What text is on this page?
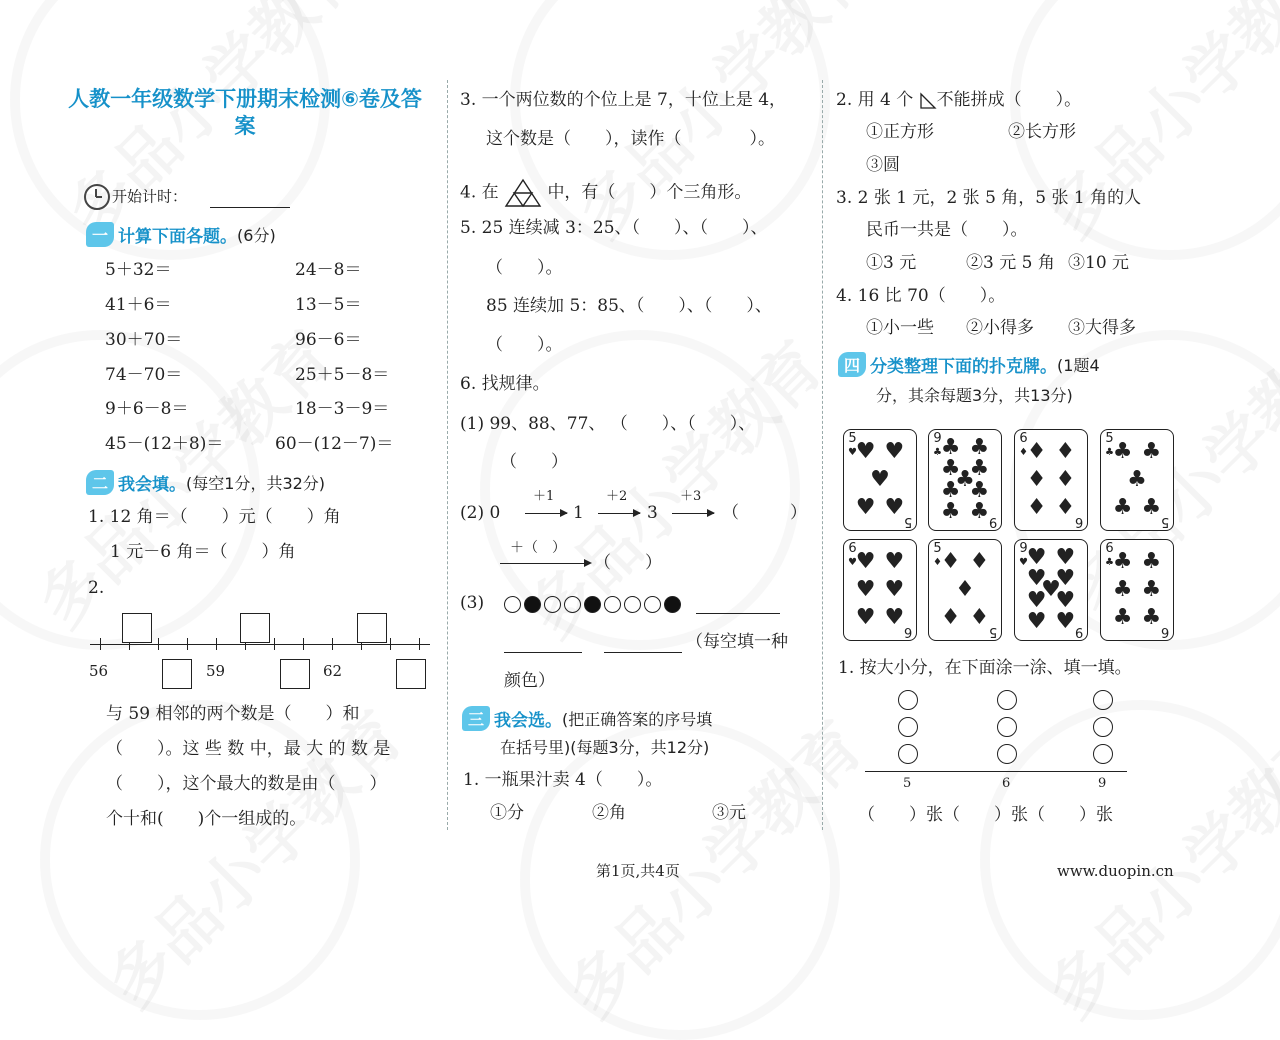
人教一年级数学下册期末检测⑥卷及答案
开始计时：
一 计算下面各题。 (6分)
5＋32＝	24－8＝
41＋6＝	13－5＝
30＋70＝	96－6＝
74－70＝	25＋5－8＝
9＋6－8＝	18－3－9＝
45－(12＋8)＝	60－(12－7)＝
二 我会填。 (每空1分，共32分)
1. 12 角＝（　　）元（　　）角
1 元－6 角＝（　　）角
2.
56	59	62
与 59 相邻的两个数是（　　）和
（　　）。这 些 数 中，最 大 的 数 是
（　　），这个最大的数是由（　　）
个十和(　　)个一组成的。
3. 一个两位数的个位上是 7，十位上是 4，
这个数是（　　），读作（　　　　）。
4. 在	中，有（　　）个三角形。
5. 25 连续减 3：25、（　　）、（　　）、
（　　）。
85 连续加 5：85、（　　）、（　　）、
（　　）。
6. 找规律。
(1) 99、88、77、 （　　）、（　　）、
（　　）
(2) 0
＋1
1
＋2
3
＋3
（　　　）
＋（　）
（　　）
(3)
（每空填一种
颜色）
三 我会选。 (把正确答案的序号填
在括号里)(每题3分，共12分)
1. 一瓶果汁卖 4（　　）。
①分	②角	③元
2. 用 4 个 不能拼成（　　）。
①正方形	②长方形
③圆
3. 2 张 1 元，2 张 5 角，5 张 1 角的人
民币一共是（　　）。
①3 元	②3 元 5 角 ③10 元
4. 16 比 70（　　）。
①小一些 ②小得多 ③大得多
四 分类整理下面的扑克牌。 (1题4
分，其余每题3分，共13分)
5
♥
5
♥ ♥
♥
♥ ♥
9
♣
9
♣ ♣
♣ ♣
♣
♣ ♣
♣ ♣
6
♦
6
♦ ♦
♦ ♦
♦ ♦
5
♣
5
♣ ♣
♣
♣ ♣
6
♥
6
♥ ♥
♥ ♥
♥ ♥
5
♦
5
♦ ♦
♦
♦ ♦
9
♥
9
♥ ♥
♥ ♥
♥
♥ ♥
♥ ♥
6
♣
6
♣ ♣
♣ ♣
♣ ♣
1. 按大小分，在下面涂一涂、填一填。
5	6	9
（　　）张（　　）张（　　）张
第1页,共4页	www.duopin.cn
